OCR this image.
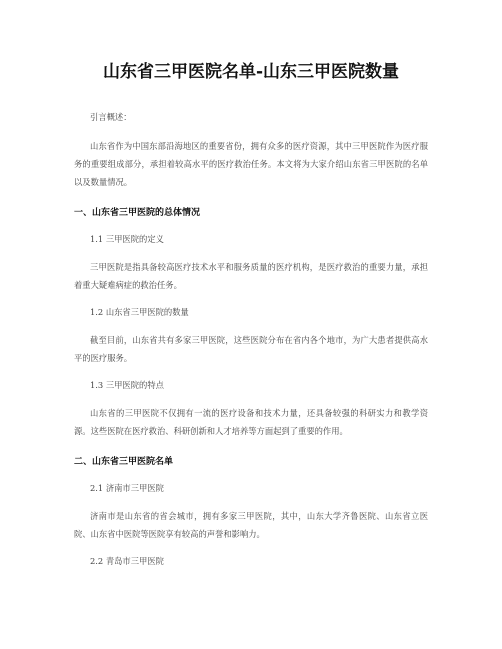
山东省三甲医院名单-山东三甲医院数量

引言概述：

山东省作为中国东部沿海地区的重要省份，拥有众多的医疗资源，其中三甲医院作为医疗服务的重要组成部分，承担着较高水平的医疗救治任务。本文将为大家介绍山东省三甲医院的名单以及数量情况。

一、山东省三甲医院的总体情况
1.1 三甲医院的定义

三甲医院是指具备较高医疗技术水平和服务质量的医疗机构，是医疗救治的重要力量，承担着重大疑难病症的救治任务。

1.2 山东省三甲医院的数量

截至目前，山东省共有多家三甲医院，这些医院分布在省内各个地市，为广大患者提供高水平的医疗服务。

1.3 三甲医院的特点

山东省的三甲医院不仅拥有一流的医疗设备和技术力量，还具备较强的科研实力和教学资源。这些医院在医疗救治、科研创新和人才培养等方面起到了重要的作用。

二、山东省三甲医院名单
2.1 济南市三甲医院

济南市是山东省的省会城市，拥有多家三甲医院，其中，山东大学齐鲁医院、山东省立医院、山东省中医院等医院享有较高的声誉和影响力。

2.2 青岛市三甲医院
